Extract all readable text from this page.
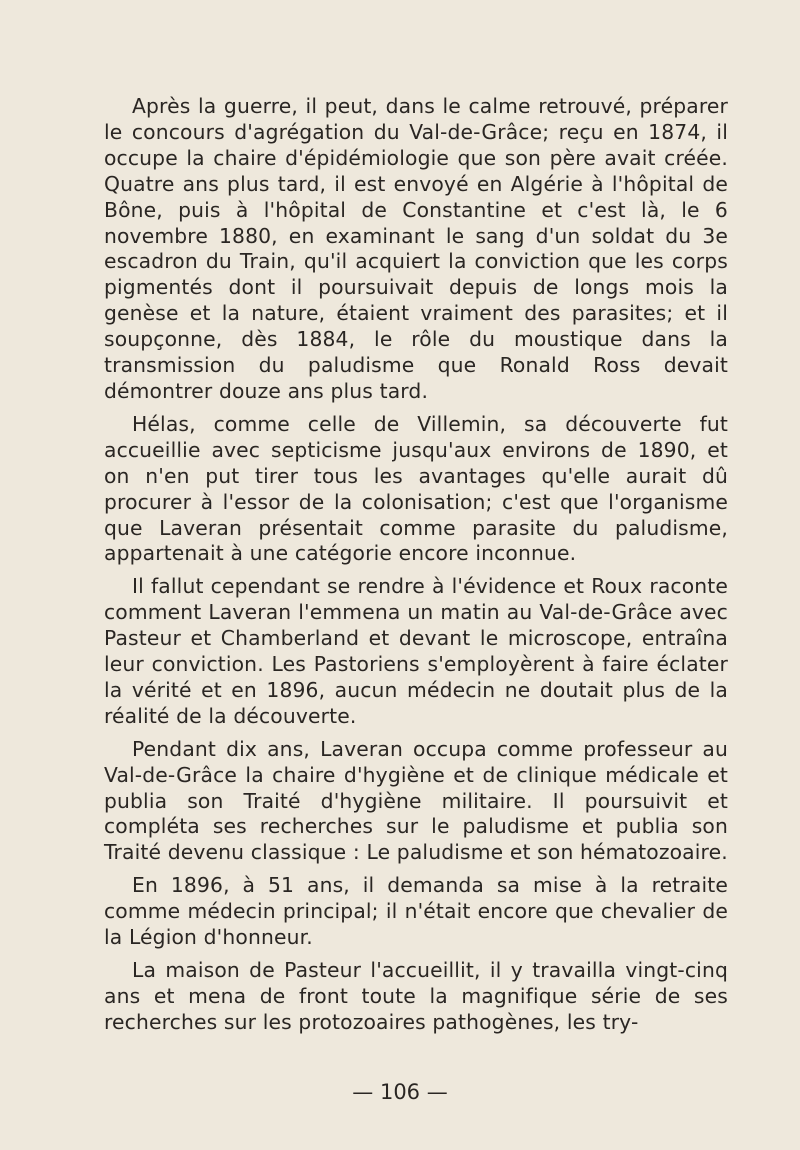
Après la guerre, il peut, dans le calme retrouvé, préparer le concours d'agrégation du Val-de-Grâce; reçu en 1874, il occupe la chaire d'épidémiologie que son père avait créée. Quatre ans plus tard, il est envoyé en Algérie à l'hôpital de Bône, puis à l'hôpital de Constantine et c'est là, le 6 novembre 1880, en examinant le sang d'un soldat du 3e escadron du Train, qu'il acquiert la conviction que les corps pigmentés dont il poursuivait depuis de longs mois la genèse et la nature, étaient vraiment des parasites; et il soupçonne, dès 1884, le rôle du moustique dans la transmission du paludisme que Ronald Ross devait démontrer douze ans plus tard.

Hélas, comme celle de Villemin, sa découverte fut accueillie avec septicisme jusqu'aux environs de 1890, et on n'en put tirer tous les avantages qu'elle aurait dû procurer à l'essor de la colonisation; c'est que l'organisme que Laveran présentait comme parasite du paludisme, appartenait à une catégorie encore inconnue.

Il fallut cependant se rendre à l'évidence et Roux raconte comment Laveran l'emmena un matin au Val-de-Grâce avec Pasteur et Chamberland et devant le microscope, entraîna leur conviction. Les Pastoriens s'employèrent à faire éclater la vérité et en 1896, aucun médecin ne doutait plus de la réalité de la découverte.

Pendant dix ans, Laveran occupa comme professeur au Val-de-Grâce la chaire d'hygiène et de clinique médicale et publia son Traité d'hygiène militaire. Il poursuivit et compléta ses recherches sur le paludisme et publia son Traité devenu classique : Le paludisme et son hématozoaire.

En 1896, à 51 ans, il demanda sa mise à la retraite comme médecin principal; il n'était encore que chevalier de la Légion d'honneur.

La maison de Pasteur l'accueillit, il y travailla vingt-cinq ans et mena de front toute la magnifique série de ses recherches sur les protozoaires pathogènes, les try-

— 106 —
